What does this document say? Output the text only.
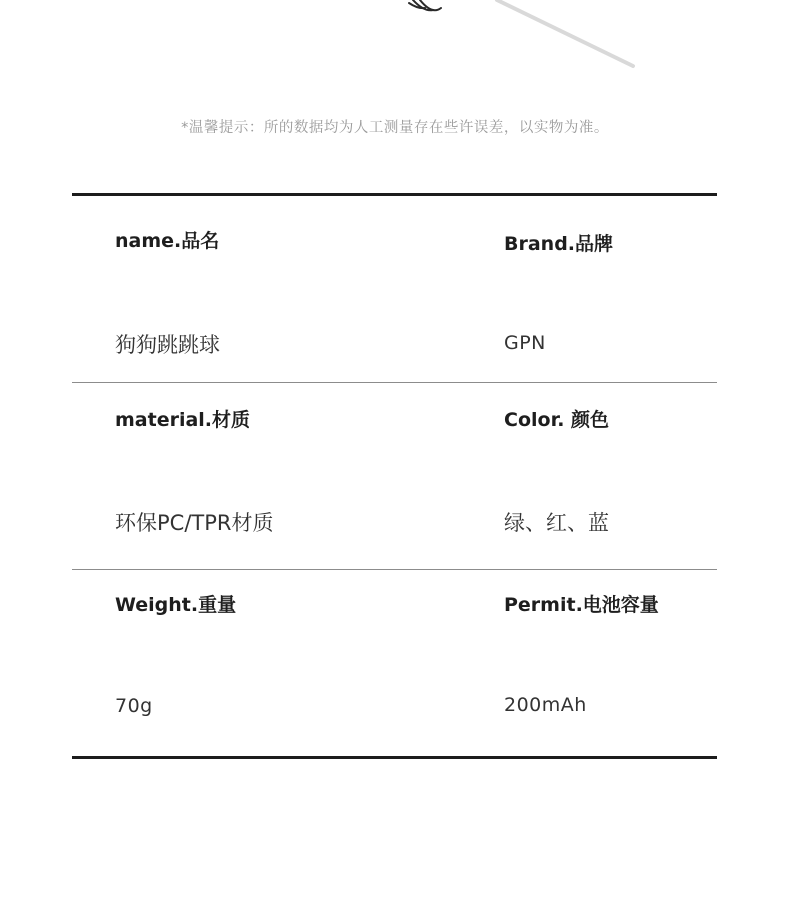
*温馨提示：所的数据均为人工测量存在些许误差，以实物为准。
name.品名
狗狗跳跳球
Brand.品牌
GPN
material.材质
环保PC/TPR材质
Color. 颜色
绿、红、蓝
Weight.重量
70g
Permit.电池容量
200mAh
